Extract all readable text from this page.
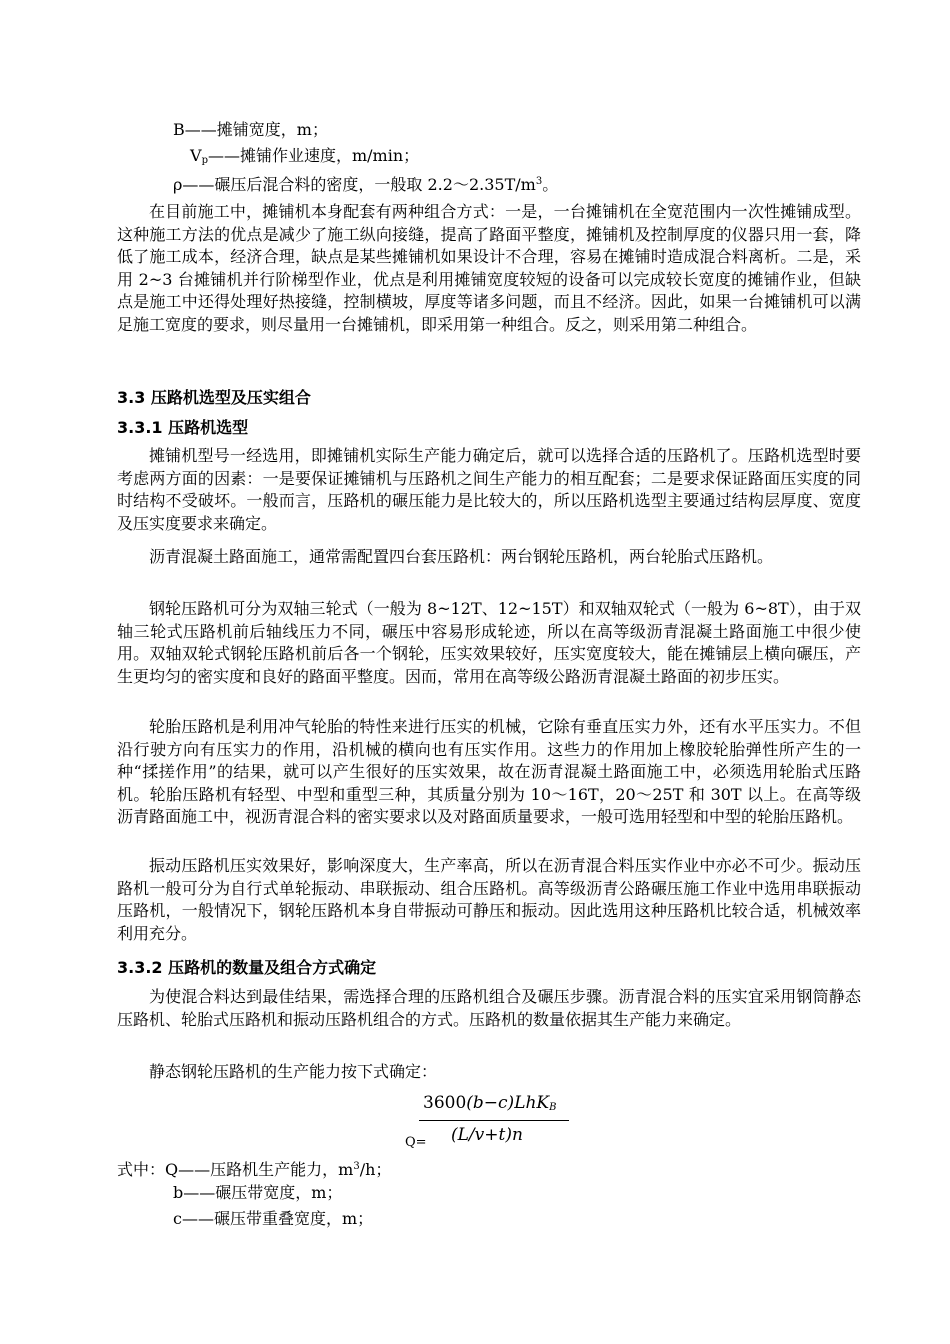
B——摊铺宽度，m；
$V_p——$摊铺作业速度，m/min；
ρ——碾压后混合料的密度，一般取 $2.2\sim 2.35T/m^3$。

在目前施工中，摊铺机本身配套有两种组合方式：一是，一台摊铺机在全宽范围内一次性摊铺成型。这种施工方法的优点是减少了施工纵向接缝，提高了路面平整度，摊铺机及控制厚度的仪器只用一套，降低了施工成本，经济合理，缺点是某些摊铺机如果设计不合理，容易在摊铺时造成混合料离析。二是，采用 2~3 台摊铺机并行阶梯型作业，优点是利用摊铺宽度较短的设备可以完成较长宽度的摊铺作业，但缺点是施工中还得处理好热接缝，控制横坡，厚度等诸多问题，而且不经济。因此，如果一台摊铺机可以满足施工宽度的要求，则尽量用一台摊铺机，即采用第一种组合。反之，则采用第二种组合。

3.3 压路机选型及压实组合
3.3.1 压路机选型

摊铺机型号一经选用，即摊铺机实际生产能力确定后，就可以选择合适的压路机了。压路机选型时要考虑两方面的因素：一是要保证摊铺机与压路机之间生产能力的相互配套；二是要求保证路面压实度的同时结构不受破坏。一般而言，压路机的碾压能力是比较大的，所以压路机选型主要通过结构层厚度、宽度及压实度要求来确定。

沥青混凝土路面施工，通常需配置四台套压路机：两台钢轮压路机，两台轮胎式压路机。

钢轮压路机可分为双轴三轮式（一般为 8~12T、12~15T）和双轴双轮式（一般为 6~8T），由于双轴三轮式压路机前后轴线压力不同，碾压中容易形成轮迹，所以在高等级沥青混凝土路面施工中很少使用。双轴双轮式钢轮压路机前后各一个钢轮，压实效果较好，压实宽度较大，能在摊铺层上横向碾压，产生更均匀的密实度和良好的路面平整度。因而，常用在高等级公路沥青混凝土路面的初步压实。

轮胎压路机是利用冲气轮胎的特性来进行压实的机械，它除有垂直压实力外，还有水平压实力。不但沿行驶方向有压实力的作用，沿机械的横向也有压实作用。这些力的作用加上橡胶轮胎弹性所产生的一种“揉搓作用”的结果，就可以产生很好的压实效果，故在沥青混凝土路面施工中，必须选用轮胎式压路机。轮胎压路机有轻型、中型和重型三种，其质量分别为 10～16T，20～25T 和 30T 以上。在高等级沥青路面施工中，视沥青混合料的密实要求以及对路面质量要求，一般可选用轻型和中型的轮胎压路机。

振动压路机压实效果好，影响深度大，生产率高，所以在沥青混合料压实作业中亦必不可少。振动压路机一般可分为自行式单轮振动、串联振动、组合压路机。高等级沥青公路碾压施工作业中选用串联振动压路机，一般情况下，钢轮压路机本身自带振动可静压和振动。因此选用这种压路机比较合适，机械效率利用充分。

3.3.2 压路机的数量及组合方式确定

为使混合料达到最佳结果，需选择合理的压路机组合及碾压步骤。沥青混合料的压实宜采用钢筒静态压路机、轮胎式压路机和振动压路机组合的方式。压路机的数量依据其生产能力来确定。

静态钢轮压路机的生产能力按下式确定：

Q=
3600(b−c)LhK$_B$
(L/v+t)n
式中：Q——压路机生产能力，$m^3/h$；
b——碾压带宽度，m；
c——碾压带重叠宽度，m；
